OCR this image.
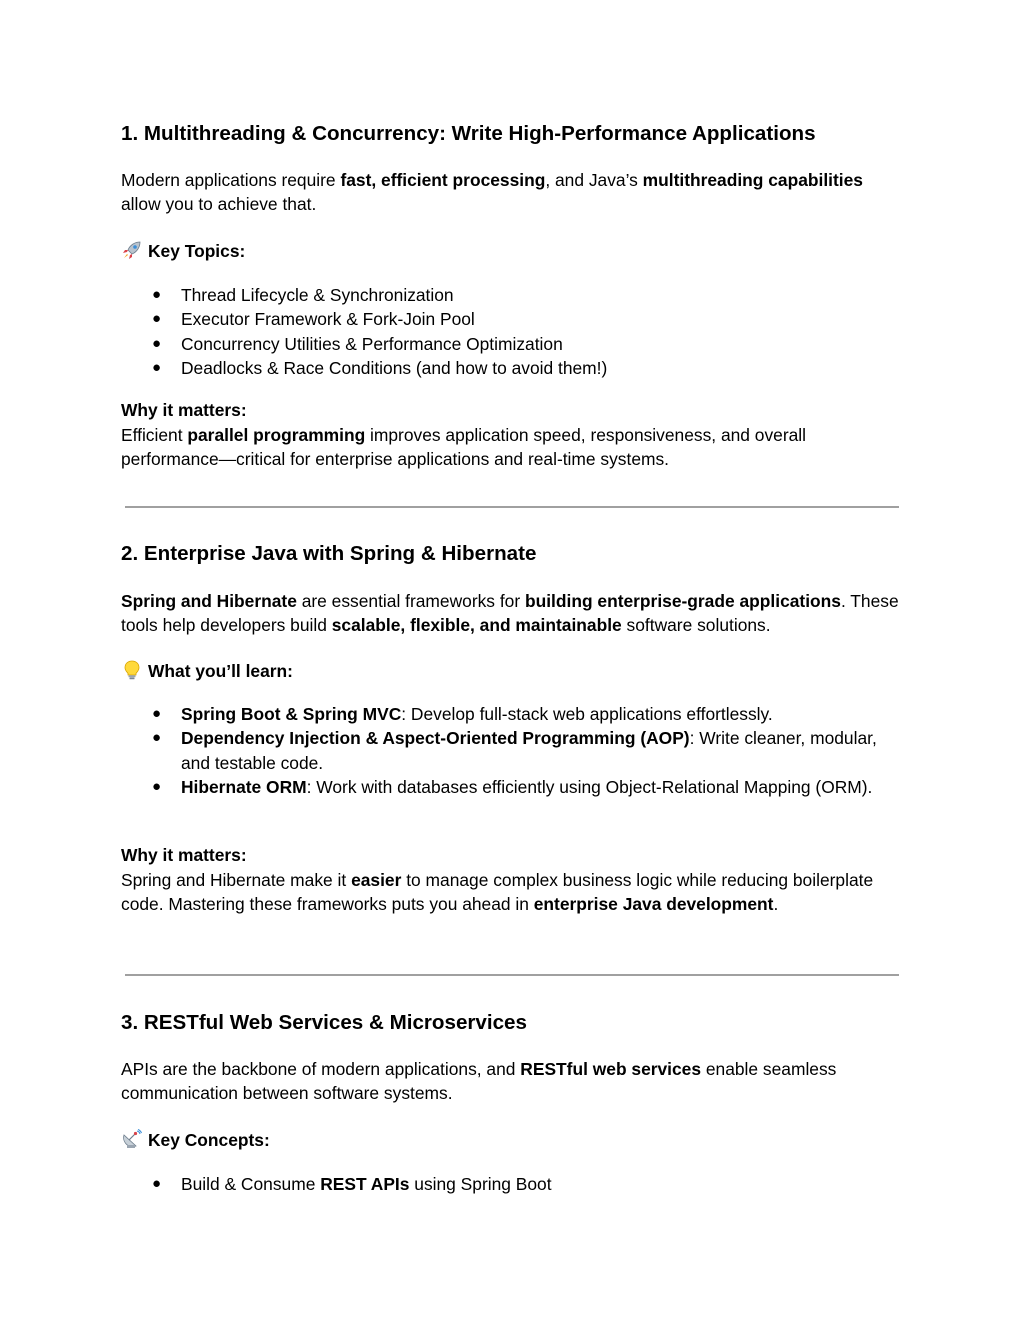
1. Multithreading & Concurrency: Write High-Performance Applications

Modern applications require fast, efficient processing, and Java’s multithreading capabilities allow you to achieve that.

Key Topics:
● Thread Lifecycle & Synchronization
● Executor Framework & Fork-Join Pool
● Concurrency Utilities & Performance Optimization
● Deadlocks & Race Conditions (and how to avoid them!)
Why it matters:

Efficient parallel programming improves application speed, responsiveness, and overall performance—critical for enterprise applications and real-time systems.

2. Enterprise Java with Spring & Hibernate

Spring and Hibernate are essential frameworks for building enterprise-grade applications. These tools help developers build scalable, flexible, and maintainable software solutions.

What you’ll learn:
● Spring Boot & Spring MVC: Develop full-stack web applications effortlessly.
● Dependency Injection & Aspect-Oriented Programming (AOP): Write cleaner, modular, and testable code.
● Hibernate ORM: Work with databases efficiently using Object-Relational Mapping (ORM).
Why it matters:

Spring and Hibernate make it easier to manage complex business logic while reducing boilerplate code. Mastering these frameworks puts you ahead in enterprise Java development.

3. RESTful Web Services & Microservices

APIs are the backbone of modern applications, and RESTful web services enable seamless communication between software systems.

Key Concepts:
● Build & Consume REST APIs using Spring Boot
